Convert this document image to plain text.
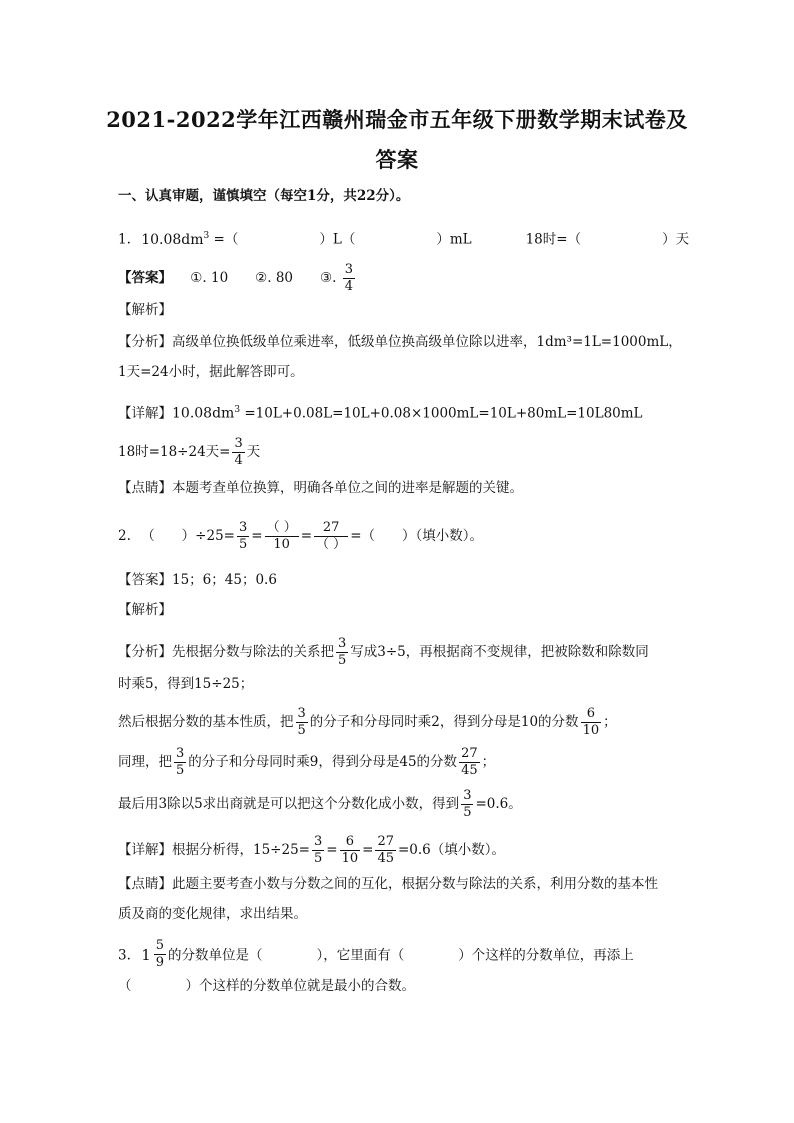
2021-2022学年江西赣州瑞金市五年级下册数学期末试卷及
答案
一、认真审题，谨慎填空（每空1分，共22分）。
1. $10.08dm^3$ =（　　　　　　）L（　　　　　　）mL　　　　18时=（　　　　　　）天
【答案】 ①. 10　　②. 80　　③. $\frac{3}{4}$
【解析】
【分析】高级单位换低级单位乘进率，低级单位换高级单位除以进率，1dm³=1L=1000mL，
1天=24小时，据此解答即可。
【详解】$10.08dm^3 =10L+0.08L=10L+0.08\times 1000mL=10L+80mL=10L80mL$
18时=18÷24天= $\frac{3}{4}$ 天
【点睛】本题考查单位换算，明确各单位之间的进率是解题的关键。
2. （　　）$\div 25= \frac{3}{5} = \frac{( )}{10} = \frac{27}{( )}$ =（　　）（填小数）。
【答案】15；6；45；0.6
【解析】
【分析】先根据分数与除法的关系把 $\frac{3}{5}$ 写成3÷5，再根据商不变规律，把被除数和除数同
时乘5，得到15÷25；
然后根据分数的基本性质，把 $\frac{3}{5}$ 的分子和分母同时乘2，得到分母是10的分数 $\frac{6}{10}$ ；
同理，把 $\frac{3}{5}$ 的分子和分母同时乘9，得到分母是45的分数 $\frac{27}{45}$ ；
最后用3除以5求出商就是可以把这个分数化成小数，得到 $\frac{3}{5} =0.6$。
【详解】根据分析得，$15\div 25= \frac{3}{5} = \frac{6}{10} = \frac{27}{45} =0.6$（填小数）。
【点睛】此题主要考查小数与分数之间的互化，根据分数与除法的关系，利用分数的基本性
质及商的变化规律，求出结果。
3. $1 \frac{5}{9}$ 的分数单位是（　　　　），它里面有（　　　　）个这样的分数单位，再添上
（　　　　）个这样的分数单位就是最小的合数。
